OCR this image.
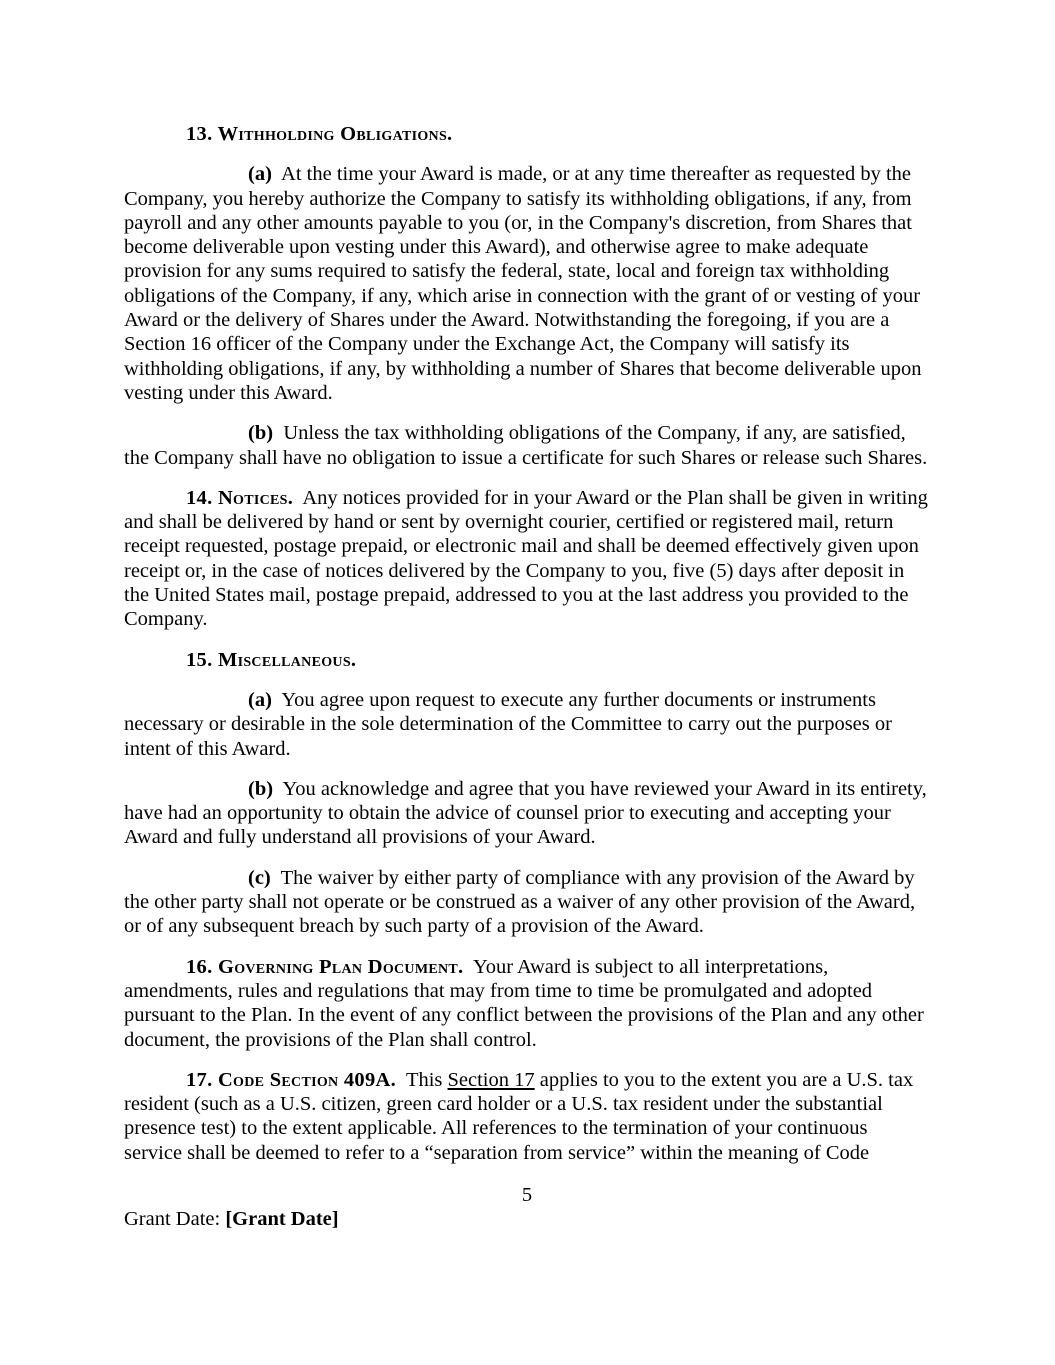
13. Withholding Obligations.

(a)  At the time your Award is made, or at any time thereafter as requested by the Company, you hereby authorize the Company to satisfy its withholding obligations, if any, from payroll and any other amounts payable to you (or, in the Company's discretion, from Shares that become deliverable upon vesting under this Award), and otherwise agree to make adequate provision for any sums required to satisfy the federal, state, local and foreign tax withholding obligations of the Company, if any, which arise in connection with the grant of or vesting of your Award or the delivery of Shares under the Award. Notwithstanding the foregoing, if you are a Section 16 officer of the Company under the Exchange Act, the Company will satisfy its withholding obligations, if any, by withholding a number of Shares that become deliverable upon vesting under this Award.

(b)  Unless the tax withholding obligations of the Company, if any, are satisfied, the Company shall have no obligation to issue a certificate for such Shares or release such Shares.

14. Notices.  Any notices provided for in your Award or the Plan shall be given in writing and shall be delivered by hand or sent by overnight courier, certified or registered mail, return receipt requested, postage prepaid, or electronic mail and shall be deemed effectively given upon receipt or, in the case of notices delivered by the Company to you, five (5) days after deposit in the United States mail, postage prepaid, addressed to you at the last address you provided to the Company.

15. Miscellaneous.

(a)  You agree upon request to execute any further documents or instruments necessary or desirable in the sole determination of the Committee to carry out the purposes or intent of this Award.

(b)  You acknowledge and agree that you have reviewed your Award in its entirety, have had an opportunity to obtain the advice of counsel prior to executing and accepting your Award and fully understand all provisions of your Award.

(c)  The waiver by either party of compliance with any provision of the Award by the other party shall not operate or be construed as a waiver of any other provision of the Award, or of any subsequent breach by such party of a provision of the Award.

16. Governing Plan Document.  Your Award is subject to all interpretations, amendments, rules and regulations that may from time to time be promulgated and adopted pursuant to the Plan. In the event of any conflict between the provisions of the Plan and any other document, the provisions of the Plan shall control.

17. Code Section 409A.  This Section 17 applies to you to the extent you are a U.S. tax resident (such as a U.S. citizen, green card holder or a U.S. tax resident under the substantial presence test) to the extent applicable. All references to the termination of your continuous service shall be deemed to refer to a “separation from service” within the meaning of Code

5
Grant Date: [Grant Date]
